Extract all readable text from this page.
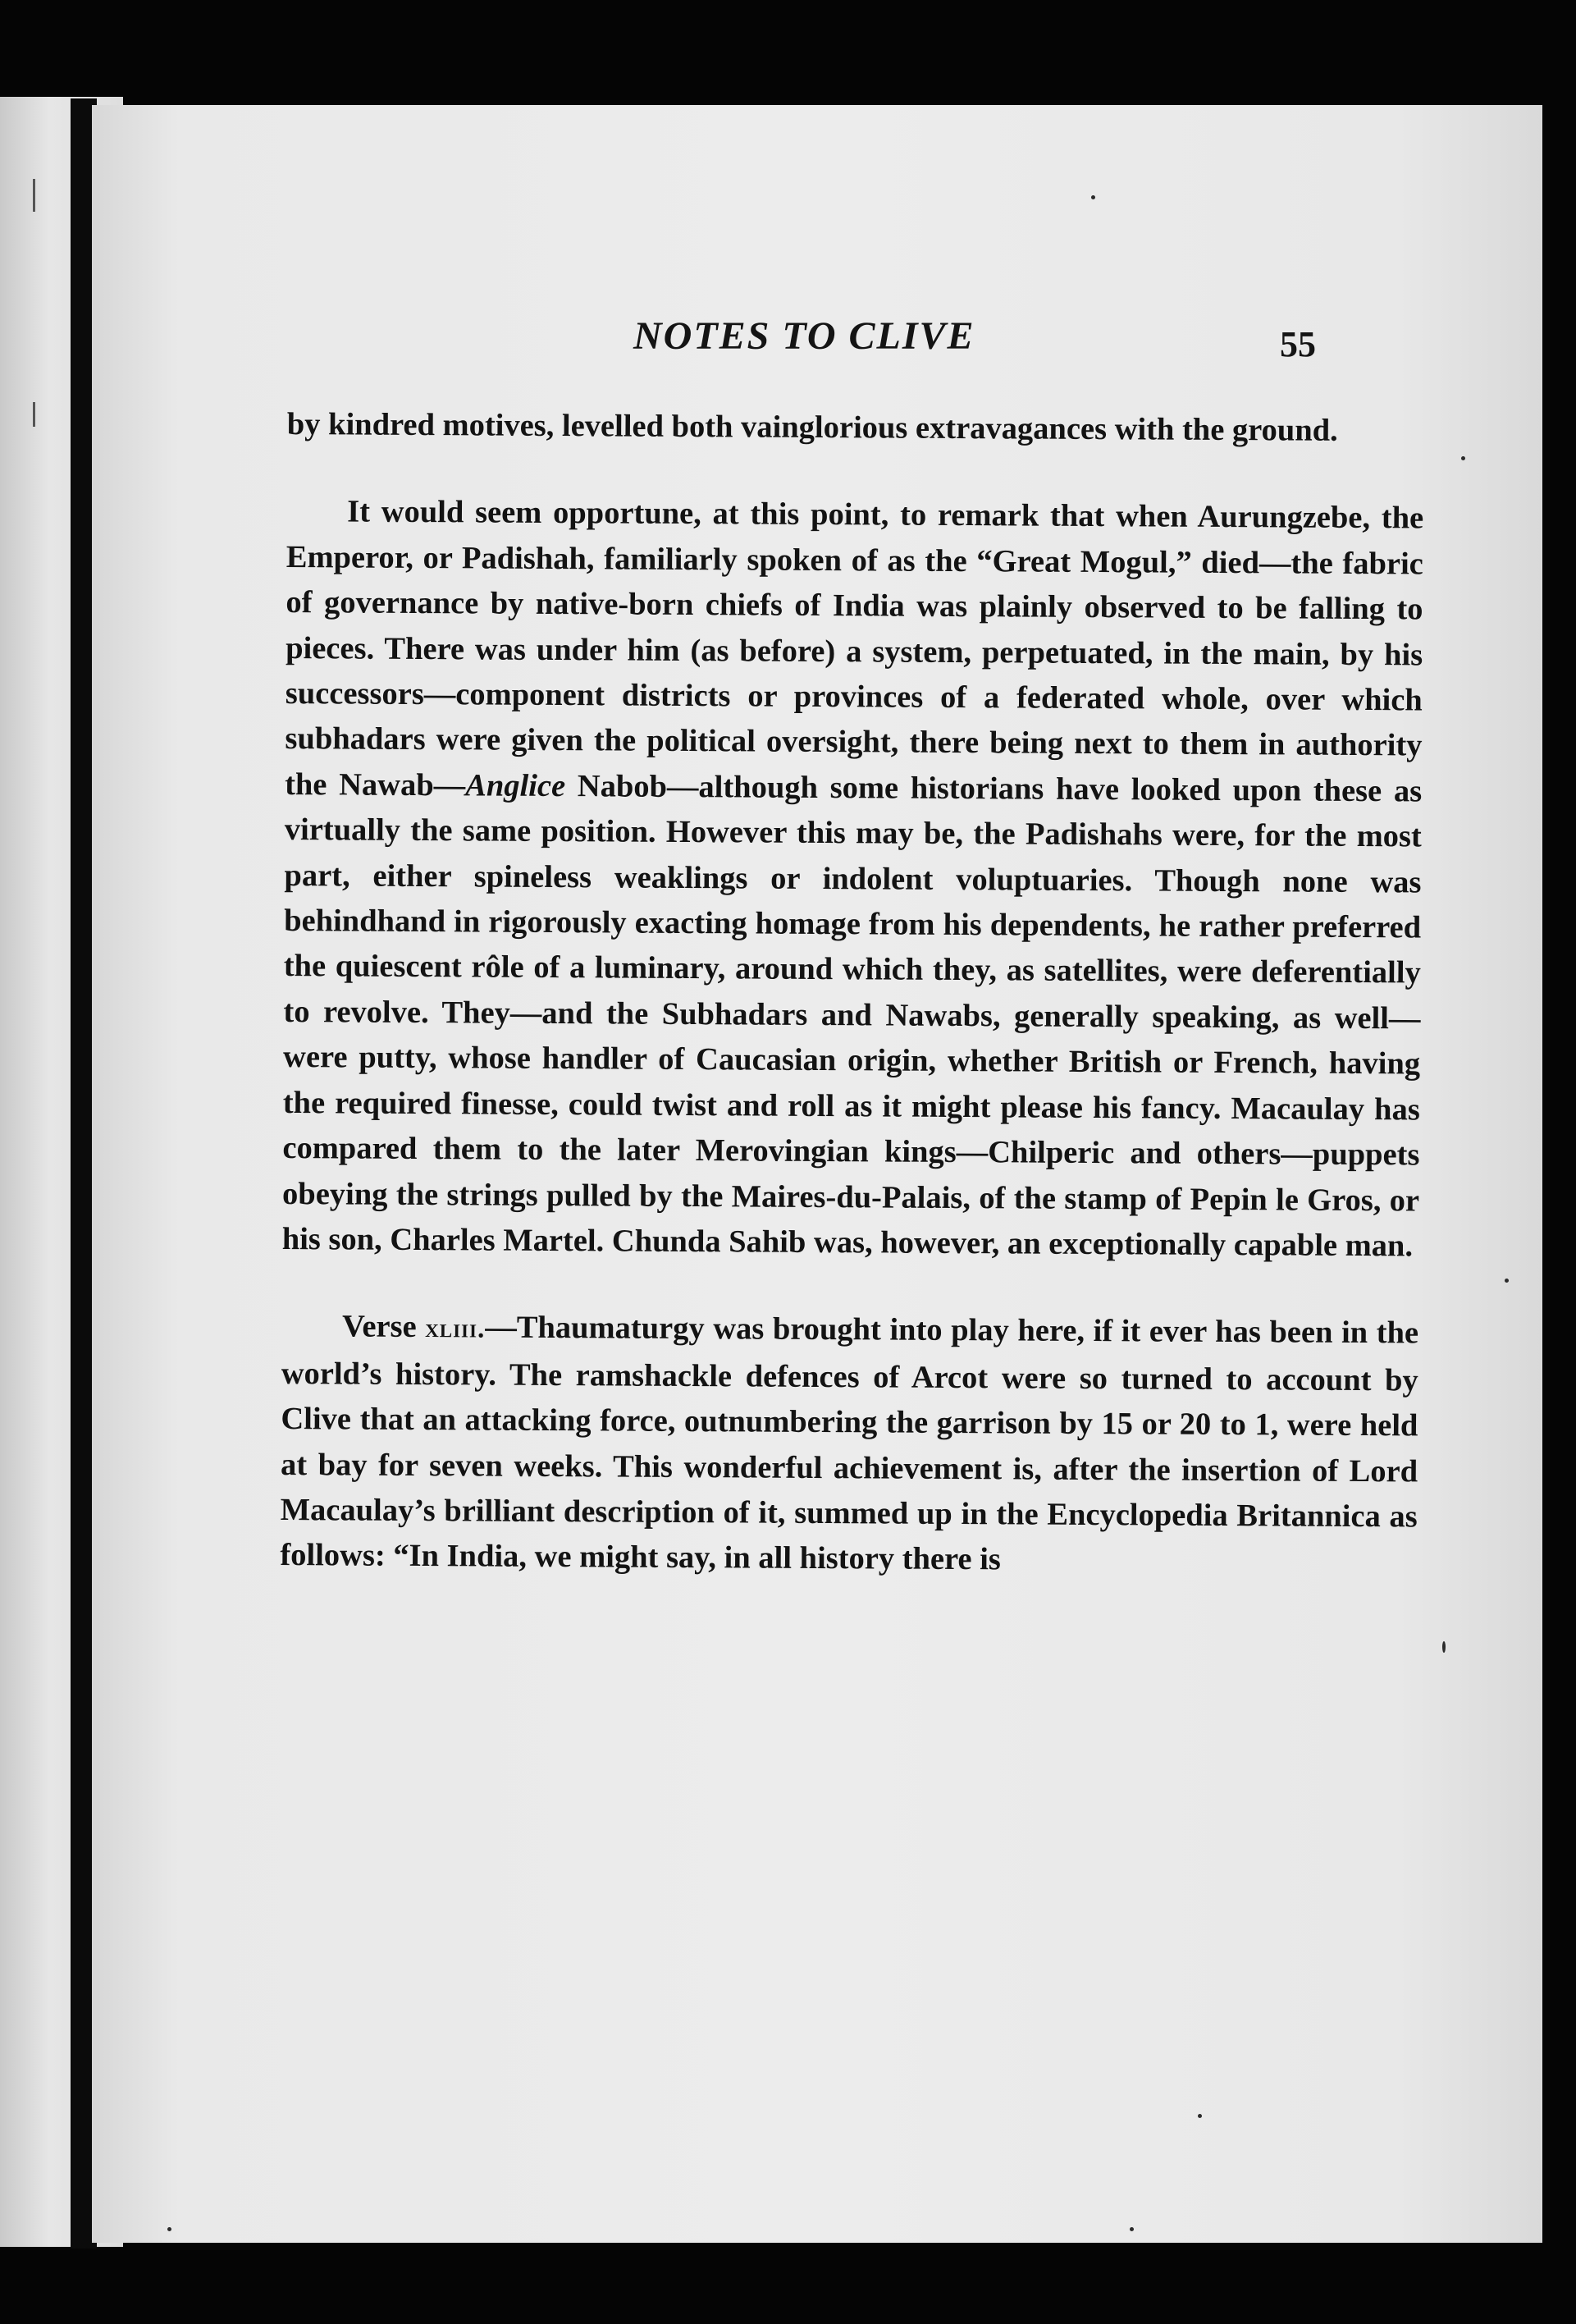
NOTES TO CLIVE	55

by kindred motives, levelled both vainglorious extravagances with the ground.

It would seem opportune, at this point, to remark that when Aurungzebe, the Emperor, or Padishah, familiarly spoken of as the “Great Mogul,” died—the fabric of governance by native-born chiefs of India was plainly observed to be falling to pieces. There was under him (as before) a system, perpetuated, in the main, by his successors—component districts or provinces of a federated whole, over which subhadars were given the political oversight, there being next to them in authority the Nawab—Anglice Nabob—although some historians have looked upon these as virtually the same position. However this may be, the Padishahs were, for the most part, either spineless weaklings or indolent voluptuaries. Though none was behindhand in rigorously exacting homage from his dependents, he rather preferred the quiescent rôle of a luminary, around which they, as satellites, were deferentially to revolve. They—and the Subhadars and Nawabs, generally speaking, as well—were putty, whose handler of Caucasian origin, whether British or French, having the required finesse, could twist and roll as it might please his fancy. Macaulay has compared them to the later Merovingian kings—Chilperic and others—puppets obeying the strings pulled by the Maires-du-Palais, of the stamp of Pepin le Gros, or his son, Charles Martel. Chunda Sahib was, however, an exceptionally capable man.

Verse xliii.—Thaumaturgy was brought into play here, if it ever has been in the world’s history. The ramshackle defences of Arcot were so turned to account by Clive that an attacking force, outnumbering the garrison by 15 or 20 to 1, were held at bay for seven weeks. This wonderful achievement is, after the insertion of Lord Macaulay’s brilliant description of it, summed up in the Encyclopedia Britannica as follows: “In India, we might say, in all history there is
